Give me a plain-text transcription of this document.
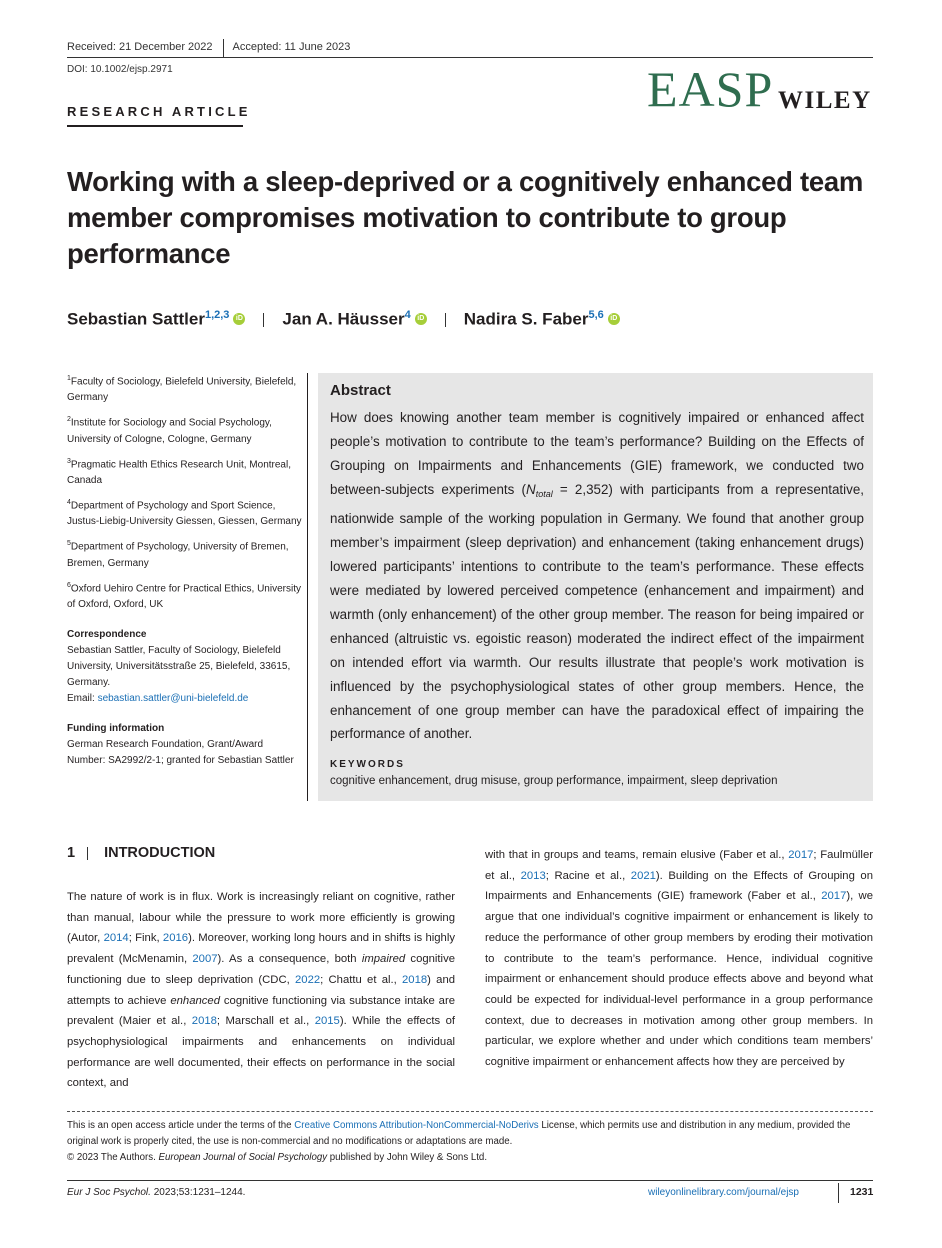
Received: 21 December 2022 Accepted: 11 June 2023
DOI: 10.1002/ejsp.2971
RESEARCH ARTICLE	EASP WILEY
Working with a sleep-deprived or a cognitively enhanced team member compromises motivation to contribute to group performance
Sebastian Sattler$^{1,2,3}$ iD Jan A. Häusser$^4$ iD Nadira S. Faber$^{5,6}$ iD
$^1$Faculty of Sociology, Bielefeld University, Bielefeld, Germany
$^2$Institute for Sociology and Social Psychology, University of Cologne, Cologne, Germany
$^3$Pragmatic Health Ethics Research Unit, Montreal, Canada
$^4$Department of Psychology and Sport Science, Justus-Liebig-University Giessen, Giessen, Germany
$^5$Department of Psychology, University of Bremen, Bremen, Germany
$^6$Oxford Uehiro Centre for Practical Ethics, University of Oxford, Oxford, UK
Correspondence
Sebastian Sattler, Faculty of Sociology, Bielefeld University, Universitätsstraße 25, Bielefeld, 33615, Germany.
Email: sebastian.sattler@uni-bielefeld.de
Funding information
German Research Foundation, Grant/Award Number: SA2992/2-1; granted for Sebastian Sattler
Abstract
How does knowing another team member is cognitively impaired or enhanced affect people’s motivation to contribute to the team’s performance? Building on the Effects of Grouping on Impairments and Enhancements (GIE) framework, we conducted two between-subjects experiments $(N_{total} = 2,352)$ with participants from a representative, nationwide sample of the working population in Germany. We found that another group member’s impairment (sleep deprivation) and enhancement (taking enhancement drugs) lowered participants’ intentions to contribute to the team’s performance. These effects were mediated by lowered perceived competence (enhancement and impairment) and warmth (only enhancement) of the other group member. The reason for being impaired or enhanced (altruistic vs. egoistic reason) moderated the indirect effect of the impairment on intended effort via warmth. Our results illustrate that people’s work motivation is influenced by the psychophysiological states of other group members. Hence, the enhancement of one group member can have the paradoxical effect of impairing the performance of another.
KEYWORDS
cognitive enhancement, drug misuse, group performance, impairment, sleep deprivation
1 INTRODUCTION
The nature of work is in flux. Work is increasingly reliant on cognitive, rather than manual, labour while the pressure to work more efficiently is growing (Autor, 2014; Fink, 2016). Moreover, working long hours and in shifts is highly prevalent (McMenamin, 2007). As a consequence, both impaired cognitive functioning due to sleep deprivation (CDC, 2022; Chattu et al., 2018) and attempts to achieve enhanced cognitive functioning via substance intake are prevalent (Maier et al., 2018; Marschall et al., 2015). While the effects of psychophysiological impairments and enhancements on individual performance are well documented, their effects on performance in the social context, and
with that in groups and teams, remain elusive (Faber et al., 2017; Faulmüller et al., 2013; Racine et al., 2021). Building on the Effects of Grouping on Impairments and Enhancements (GIE) framework (Faber et al., 2017), we argue that one individual’s cognitive impairment or enhancement is likely to reduce the performance of other group members by eroding their motivation to contribute to the team’s performance. Hence, individual cognitive impairment or enhancement should produce effects above and beyond what could be expected for individual-level performance in a group performance context, due to decreases in motivation among other group members. In particular, we explore whether and under which conditions team members’ cognitive impairment or enhancement affects how they are perceived by
This is an open access article under the terms of the Creative Commons Attribution-NonCommercial-NoDerivs License, which permits use and distribution in any medium, provided the original work is properly cited, the use is non-commercial and no modifications or adaptations are made.
© 2023 The Authors. European Journal of Social Psychology published by John Wiley & Sons Ltd.
Eur J Soc Psychol. 2023;53:1231–1244.	wileyonlinelibrary.com/journal/ejsp	1231
